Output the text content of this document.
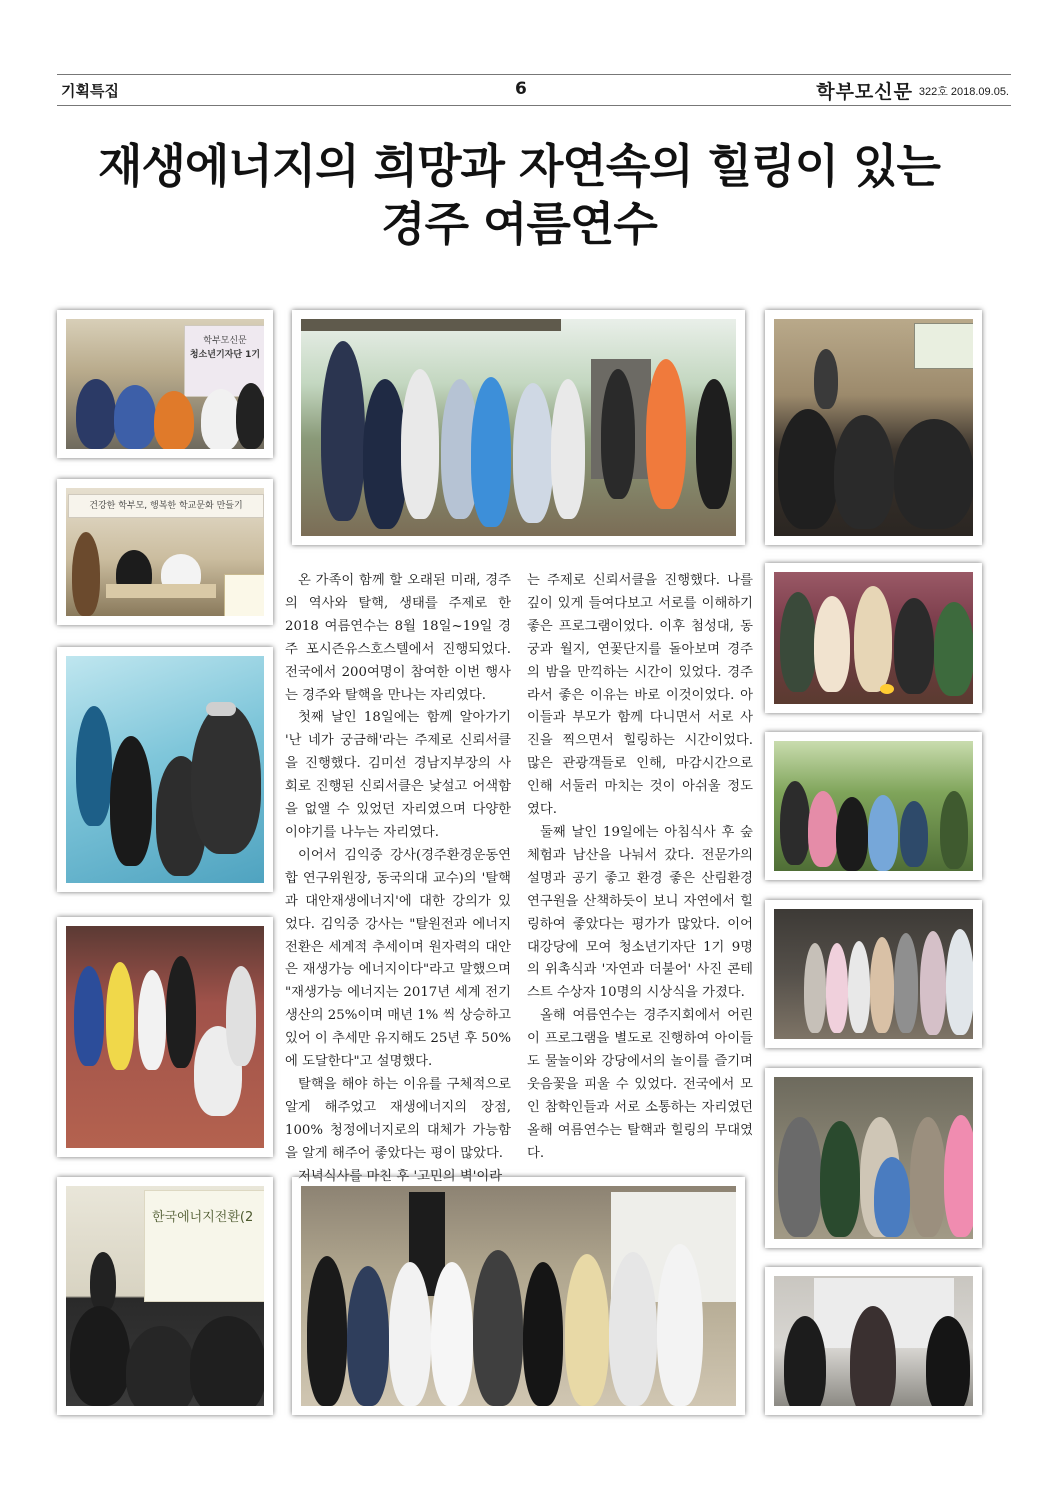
기획특집	6	학부모신문 322호 2018.09.05.
재생에너지의 희망과 자연속의 힐링이 있는
경주 여름연수
학부모신문
청소년기자단 1기
건강한 학부모, 행복한 학교문화 만들기
한국에너지전환(2

온 가족이 함께 할 오래된 미래, 경주의 역사와 탈핵, 생태를 주제로 한 2018 여름연수는 8월 18일~19일 경주 포시즌유스호스텔에서 진행되었다. 전국에서 200여명이 참여한 이번 행사는 경주와 탈핵을 만나는 자리였다.

첫째 날인 18일에는 함께 알아가기 '난 네가 궁금해'라는 주제로 신뢰서클을 진행했다. 김미선 경남지부장의 사회로 진행된 신뢰서클은 낯설고 어색함을 없앨 수 있었던 자리였으며 다양한 이야기를 나누는 자리였다.

이어서 김익중 강사(경주환경운동연합 연구위원장, 동국의대 교수)의 '탈핵과 대안재생에너지'에 대한 강의가 있었다. 김익중 강사는 "탈원전과 에너지전환은 세계적 추세이며 원자력의 대안은 재생가능 에너지이다"라고 말했으며 "재생가능 에너지는 2017년 세계 전기생산의 25%이며 매년 1% 씩 상승하고 있어 이 추세만 유지해도 25년 후 50%에 도달한다"고 설명했다.

탈핵을 해야 하는 이유를 구체적으로 알게 해주었고 재생에너지의 장점, 100% 청정에너지로의 대체가 가능함을 알게 해주어 좋았다는 평이 많았다.

저녁식사를 마친 후 '고민의 벽'이라

는 주제로 신뢰서클을 진행했다. 나를 깊이 있게 들여다보고 서로를 이해하기 좋은 프로그램이었다. 이후 첨성대, 동궁과 월지, 연꽃단지를 돌아보며 경주의 밤을 만끽하는 시간이 있었다. 경주라서 좋은 이유는 바로 이것이었다. 아이들과 부모가 함께 다니면서 서로 사진을 찍으면서 힐링하는 시간이었다. 많은 관광객들로 인해, 마감시간으로 인해 서둘러 마치는 것이 아쉬울 정도였다.

둘째 날인 19일에는 아침식사 후 숲체험과 남산을 나눠서 갔다. 전문가의 설명과 공기 좋고 환경 좋은 산림환경연구원을 산책하듯이 보니 자연에서 힐링하여 좋았다는 평가가 많았다. 이어 대강당에 모여 청소년기자단 1기 9명의 위촉식과 '자연과 더불어' 사진 콘테스트 수상자 10명의 시상식을 가졌다.

올해 여름연수는 경주지회에서 어린이 프로그램을 별도로 진행하여 아이들도 물놀이와 강당에서의 놀이를 즐기며 웃음꽃을 피울 수 있었다. 전국에서 모인 참학인들과 서로 소통하는 자리였던 올해 여름연수는 탈핵과 힐링의 무대였다.
